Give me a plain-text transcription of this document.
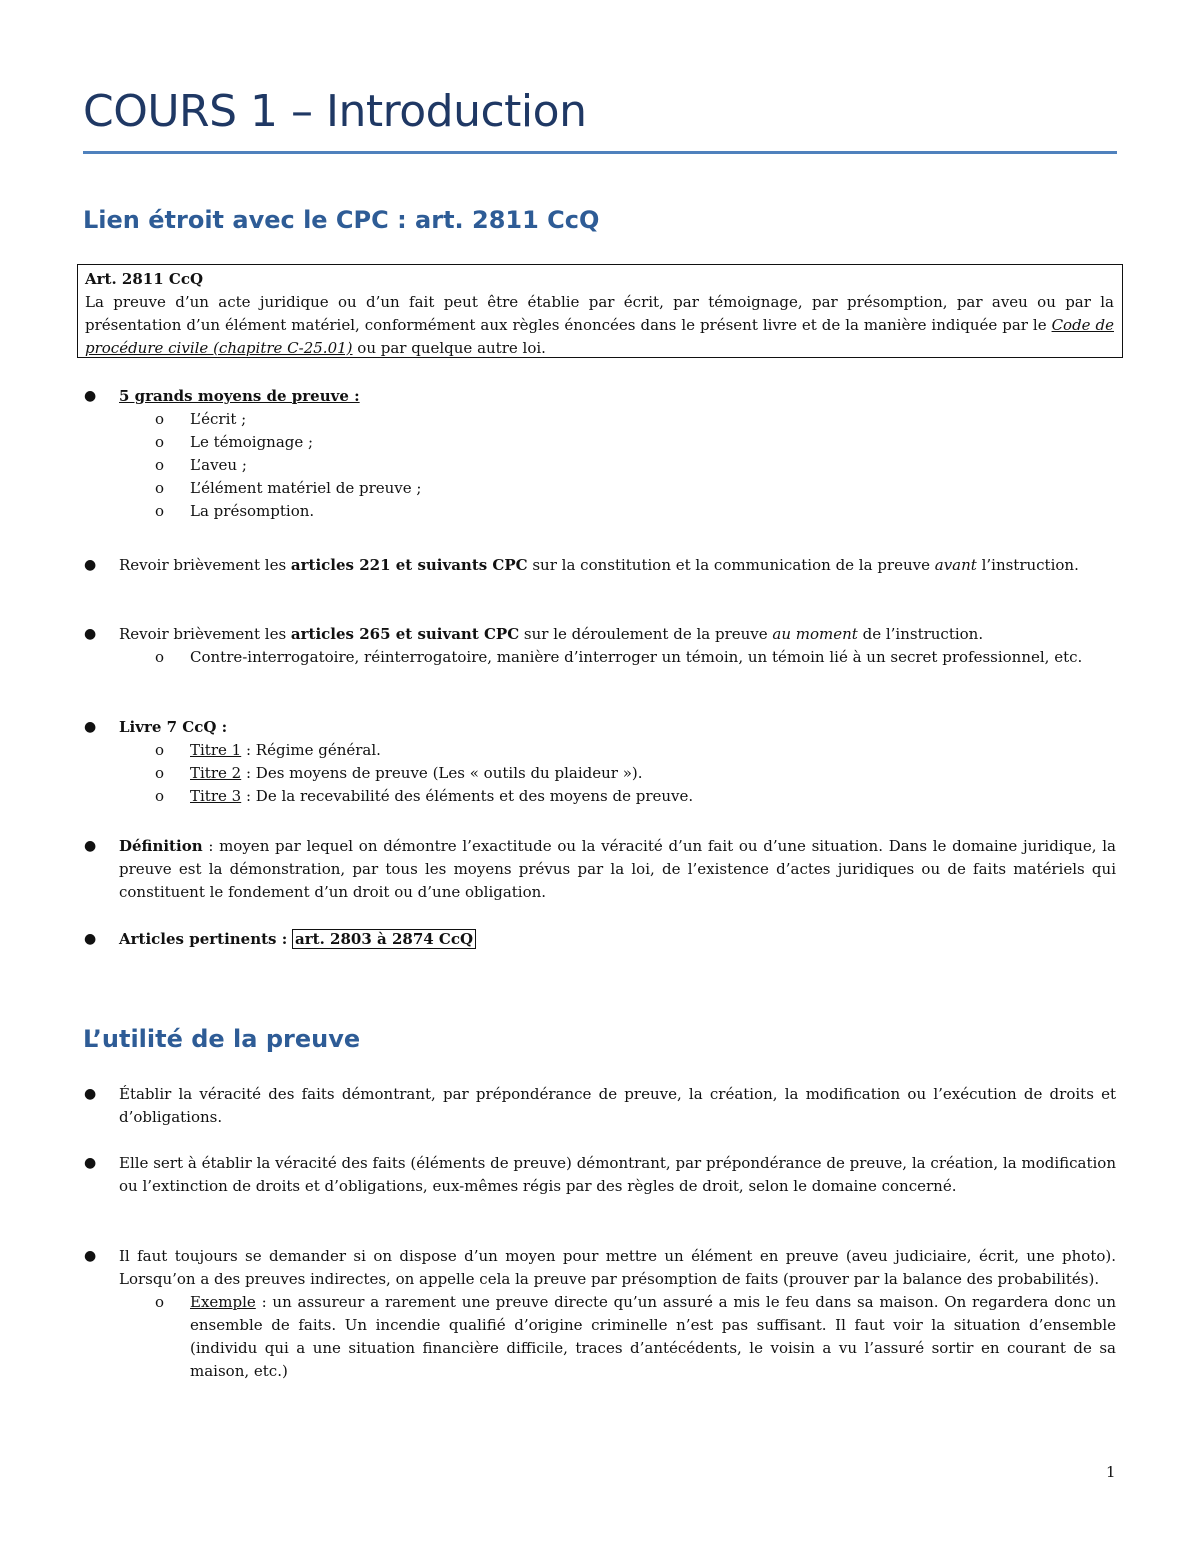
COURS 1 – Introduction
Lien étroit avec le CPC : art. 2811 CcQ
Art. 2811 CcQ
La preuve d’un acte juridique ou d’un fait peut être établie par écrit, par témoignage, par présomption, par aveu ou par la présentation d’un élément matériel, conformément aux règles énoncées dans le présent livre et de la manière indiquée par le Code de procédure civile (chapitre C-25.01) ou par quelque autre loi.
● 5 grands moyens de preuve :
o L’écrit ;
o Le témoignage ;
o L’aveu ;
o L’élément matériel de preuve ;
o La présomption.
● Revoir brièvement les articles 221 et suivants CPC sur la constitution et la communication de la preuve avant l’instruction.
● Revoir brièvement les articles 265 et suivant CPC sur le déroulement de la preuve au moment de l’instruction.
o Contre-interrogatoire, réinterrogatoire, manière d’interroger un témoin, un témoin lié à un secret professionnel, etc.
● Livre 7 CcQ :
o Titre 1 : Régime général.
o Titre 2 : Des moyens de preuve (Les « outils du plaideur »).
o Titre 3 : De la recevabilité des éléments et des moyens de preuve.
● Définition : moyen par lequel on démontre l’exactitude ou la véracité d’un fait ou d’une situation. Dans le domaine juridique, la preuve est la démonstration, par tous les moyens prévus par la loi, de l’existence d’actes juridiques ou de faits matériels qui constituent le fondement d’un droit ou d’une obligation.
● Articles pertinents : art. 2803 à 2874 CcQ
L’utilité de la preuve
● Établir la véracité des faits démontrant, par prépondérance de preuve, la création, la modification ou l’exécution de droits et d’obligations.
● Elle sert à établir la véracité des faits (éléments de preuve) démontrant, par prépondérance de preuve, la création, la modification ou l’extinction de droits et d’obligations, eux-mêmes régis par des règles de droit, selon le domaine concerné.
● Il faut toujours se demander si on dispose d’un moyen pour mettre un élément en preuve (aveu judiciaire, écrit, une photo). Lorsqu’on a des preuves indirectes, on appelle cela la preuve par présomption de faits (prouver par la balance des probabilités).
o Exemple : un assureur a rarement une preuve directe qu’un assuré a mis le feu dans sa maison. On regardera donc un ensemble de faits. Un incendie qualifié d’origine criminelle n’est pas suffisant. Il faut voir la situation d’ensemble (individu qui a une situation financière difficile, traces d’antécédents, le voisin a vu l’assuré sortir en courant de sa maison, etc.)
1
